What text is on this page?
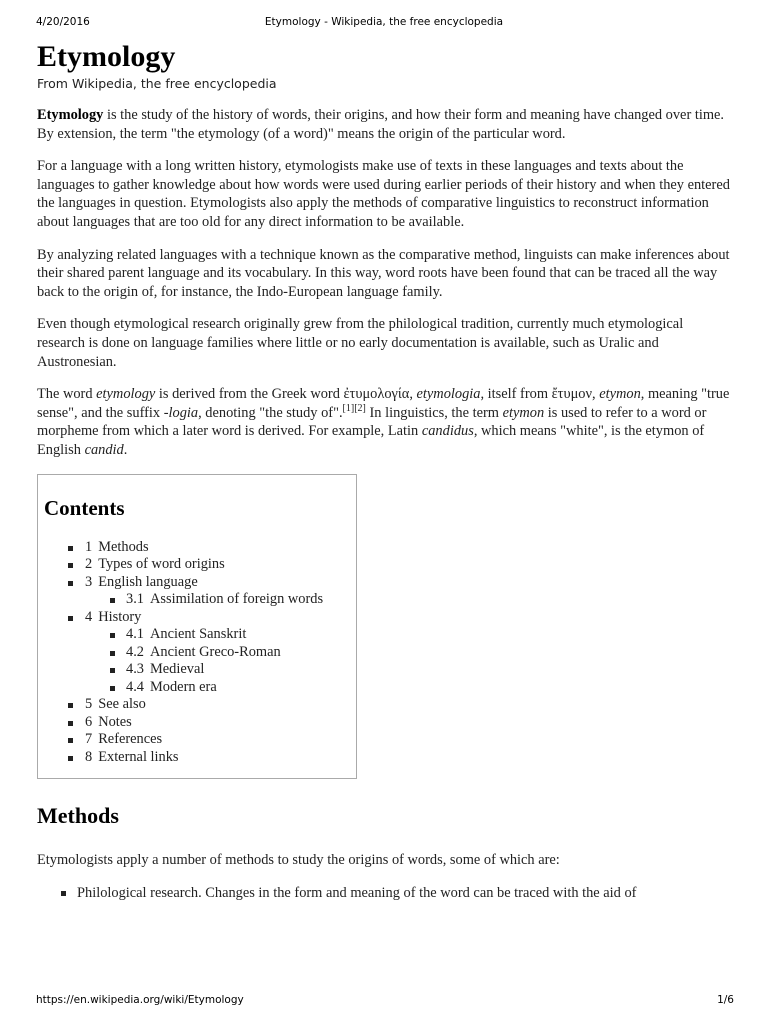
4/20/2016	Etymology - Wikipedia, the free encyclopedia
Etymology
From Wikipedia, the free encyclopedia

Etymology is the study of the history of words, their origins, and how their form and meaning have changed over time. By extension, the term "the etymology (of a word)" means the origin of the particular word.

For a language with a long written history, etymologists make use of texts in these languages and texts about the languages to gather knowledge about how words were used during earlier periods of their history and when they entered the languages in question. Etymologists also apply the methods of comparative linguistics to reconstruct information about languages that are too old for any direct information to be available.

By analyzing related languages with a technique known as the comparative method, linguists can make inferences about their shared parent language and its vocabulary. In this way, word roots have been found that can be traced all the way back to the origin of, for instance, the Indo-European language family.

Even though etymological research originally grew from the philological tradition, currently much etymological research is done on language families where little or no early documentation is available, such as Uralic and Austronesian.

The word etymology is derived from the Greek word ἐτυμολογία, etymologia, itself from ἔτυμον, etymon, meaning "true sense", and the suffix -logia, denoting "the study of".[1][2] In linguistics, the term etymon is used to refer to a word or morpheme from which a later word is derived. For example, Latin candidus, which means "white", is the etymon of English candid.

Contents
1 Methods
2 Types of word origins
3 English language
3.1 Assimilation of foreign words
4 History
4.1 Ancient Sanskrit
4.2 Ancient Greco-Roman
4.3 Medieval
4.4 Modern era
5 See also
6 Notes
7 References
8 External links
Methods

Etymologists apply a number of methods to study the origins of words, some of which are:

Philological research. Changes in the form and meaning of the word can be traced with the aid of
https://en.wikipedia.org/wiki/Etymology	1/6
